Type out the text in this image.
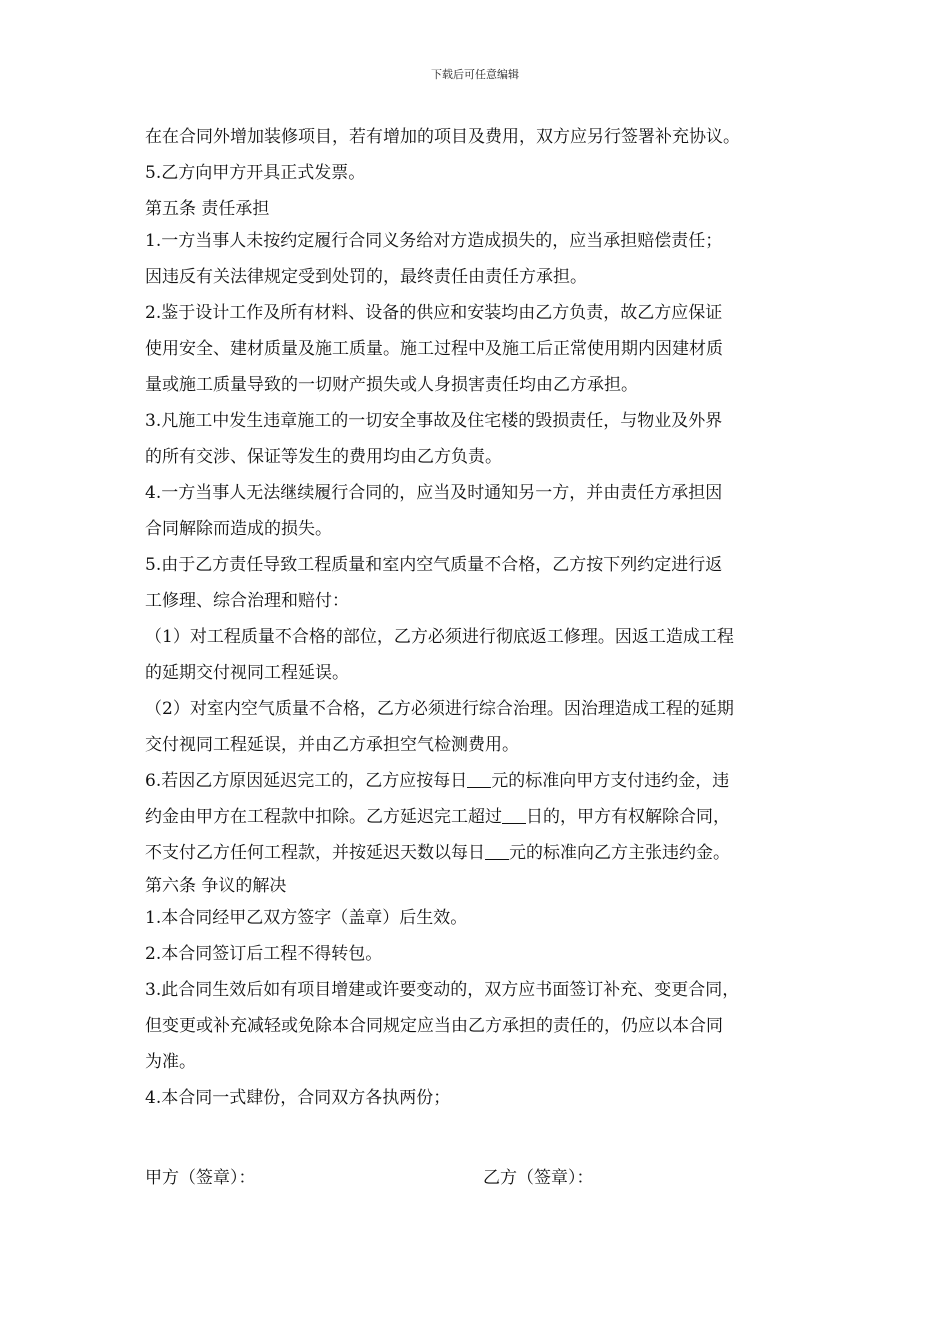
下载后可任意编辑
在在合同外增加装修项目，若有增加的项目及费用，双方应另行签署补充协议。
5.乙方向甲方开具正式发票。
第五条 责任承担
1.一方当事人未按约定履行合同义务给对方造成损失的，应当承担赔偿责任；
因违反有关法律规定受到处罚的，最终责任由责任方承担。
2.鉴于设计工作及所有材料、设备的供应和安装均由乙方负责，故乙方应保证
使用安全、建材质量及施工质量。施工过程中及施工后正常使用期内因建材质
量或施工质量导致的一切财产损失或人身损害责任均由乙方承担。
3.凡施工中发生违章施工的一切安全事故及住宅楼的毁损责任，与物业及外界
的所有交涉、保证等发生的费用均由乙方负责。
4.一方当事人无法继续履行合同的，应当及时通知另一方，并由责任方承担因
合同解除而造成的损失。
5.由于乙方责任导致工程质量和室内空气质量不合格，乙方按下列约定进行返
工修理、综合治理和赔付：
（1）对工程质量不合格的部位，乙方必须进行彻底返工修理。因返工造成工程
的延期交付视同工程延误。
（2）对室内空气质量不合格，乙方必须进行综合治理。因治理造成工程的延期
交付视同工程延误，并由乙方承担空气检测费用。
6.若因乙方原因延迟完工的，乙方应按每日 元的标准向甲方支付违约金，违
约金由甲方在工程款中扣除。乙方延迟完工超过 日的，甲方有权解除合同，
不支付乙方任何工程款，并按延迟天数以每日 元的标准向乙方主张违约金。
第六条 争议的解决
1.本合同经甲乙双方签字（盖章）后生效。
2.本合同签订后工程不得转包。
3.此合同生效后如有项目增建或许要变动的，双方应书面签订补充、变更合同，
但变更或补充减轻或免除本合同规定应当由乙方承担的责任的，仍应以本合同
为准。
4.本合同一式肆份，合同双方各执两份；
甲方（签章）：	乙方（签章）：
